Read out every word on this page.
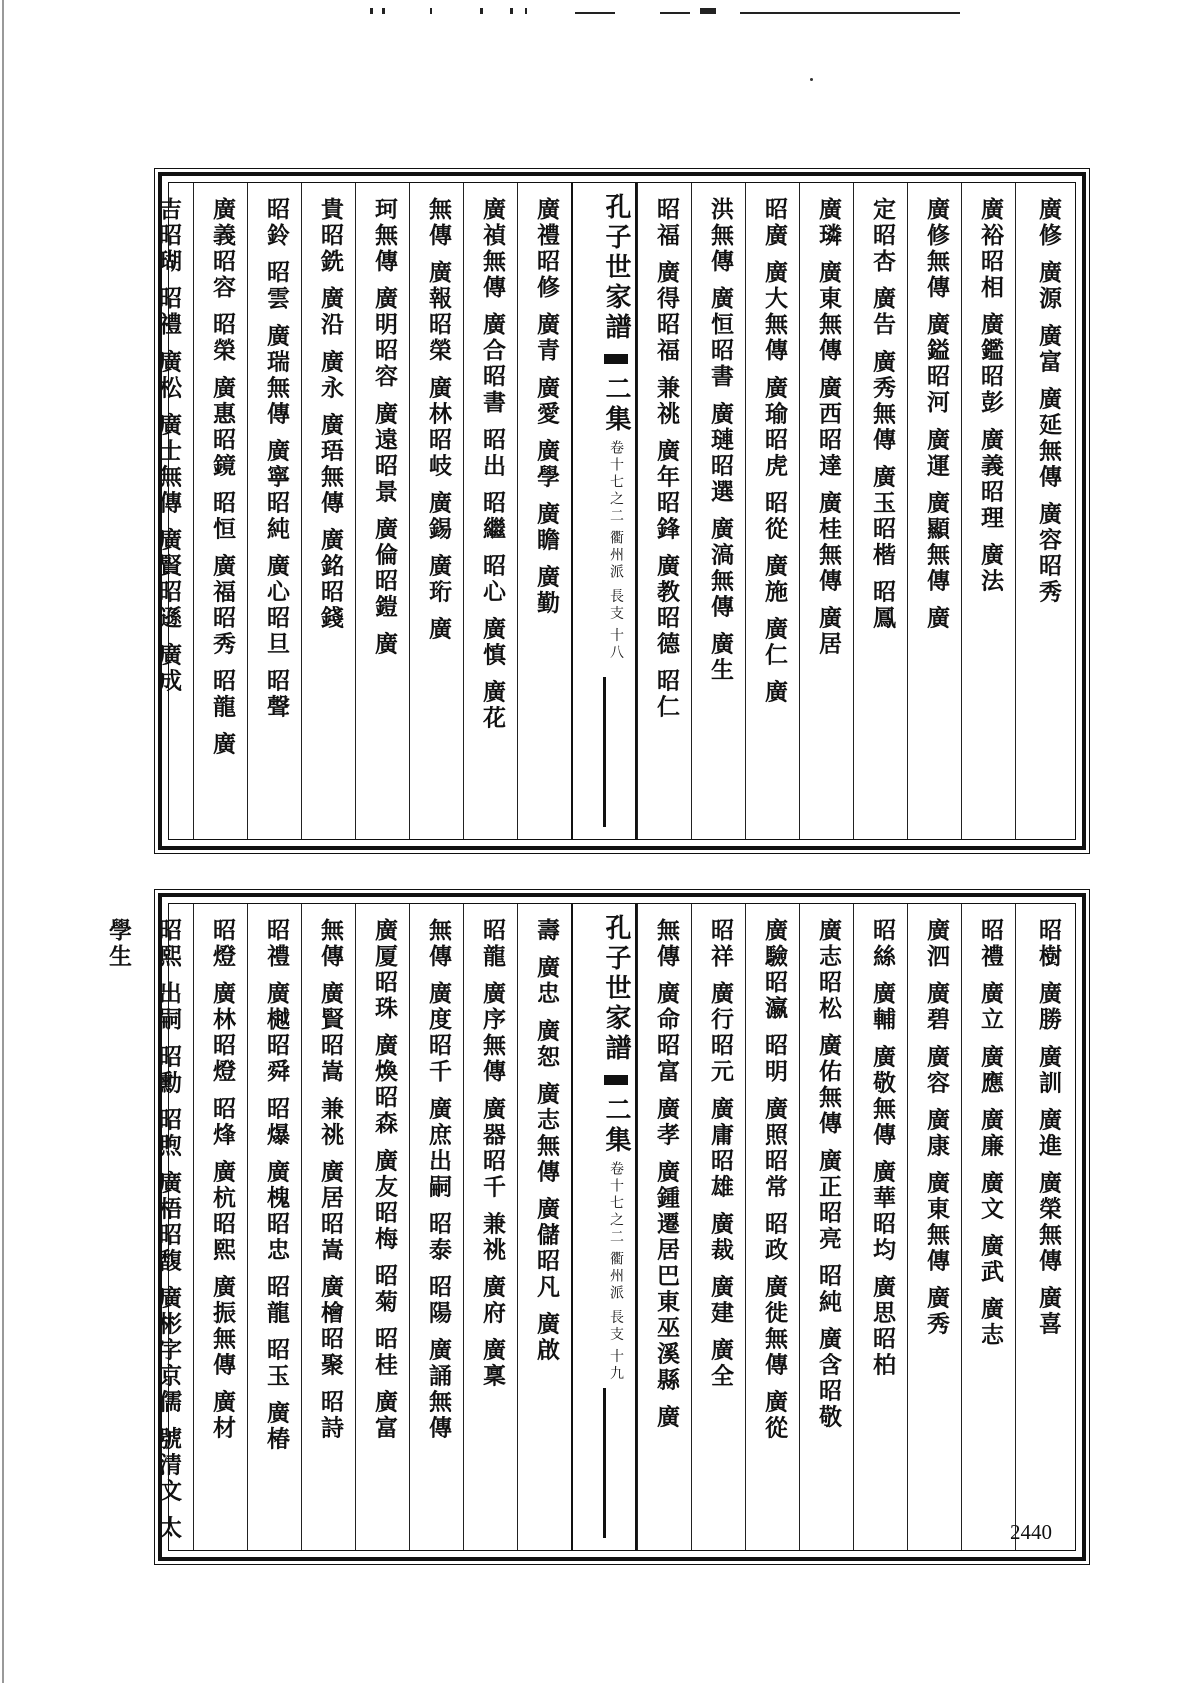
廣修 廣源 廣富 廣延無傳 廣容昭秀
廣裕昭相 廣鑑昭彭 廣義昭理 廣法
廣修無傳 廣鎰昭河 廣運 廣顯無傳 廣
定昭杏 廣告 廣秀無傳 廣玉昭楷 昭鳳
廣璘 廣東無傳 廣西昭達 廣桂無傳 廣居
昭廣 廣大無傳 廣瑜昭虎 昭從 廣施 廣仁 廣
洪無傳 廣恒昭書 廣璉昭選 廣滈無傳 廣生
昭福 廣得昭福 兼祧 廣年昭鋒 廣教昭德 昭仁
孔子世家譜  二集 卷十七之二 衢州派 長支 十八
廣禮昭修 廣青 廣愛 廣學 廣瞻 廣勤
廣禎無傳 廣合昭書 昭出 昭繼 昭心 廣慎 廣花
無傳 廣報昭榮 廣林昭岐 廣錫 廣珩 廣
珂無傳 廣明昭容 廣遠昭景 廣倫昭鎧 廣
貴昭銑 廣沿 廣永 廣珸無傳 廣銘昭錢
昭鈴 昭雲 廣瑞無傳 廣寧昭純 廣心昭旦 昭聲
廣義昭容 昭榮 廣惠昭鏡 昭恒 廣福昭秀 昭龍 廣
吉昭瑚 昭禮 廣松 廣士無傳 廣賢昭遜 廣成
昭樹 廣勝 廣訓 廣進 廣榮無傳 廣喜
昭禮 廣立 廣應 廣廉 廣文 廣武 廣志
廣泗 廣碧 廣容 廣康 廣東無傳 廣秀
昭絲 廣輔 廣敬無傳 廣華昭均 廣思昭柏
廣志昭松 廣佑無傳 廣正昭亮 昭純 廣含昭敬
廣驗昭瀛 昭明 廣照昭常 昭政 廣徙無傳 廣從
昭祥 廣行昭元 廣庸昭雄 廣裁 廣建 廣全
無傳 廣命昭富 廣孝 廣鍾遷居巴東巫溪縣 廣
孔子世家譜  二集 卷十七之二 衢州派 長支 十九
壽 廣忠 廣恕 廣志無傳 廣儲昭凡 廣啟
昭龍 廣序無傳 廣器昭千 兼祧 廣府 廣稟
無傳 廣度昭千 廣庶出嗣 昭泰 昭陽 廣誦無傳
廣厦昭珠 廣煥昭森 廣友昭梅 昭菊 昭桂 廣富
無傳 廣賢昭嵩 兼祧 廣居昭嵩 廣檜昭聚 昭詩
昭禮 廣樾昭舜 昭爆 廣槐昭忠 昭龍 昭玉 廣椿
昭燈 廣林昭燈 昭烽 廣杭昭熙 廣振無傳 廣材
昭熙 出嗣 昭勳 昭煦 廣梧昭馥 廣彬字京儒 號清文 太學生
2440
